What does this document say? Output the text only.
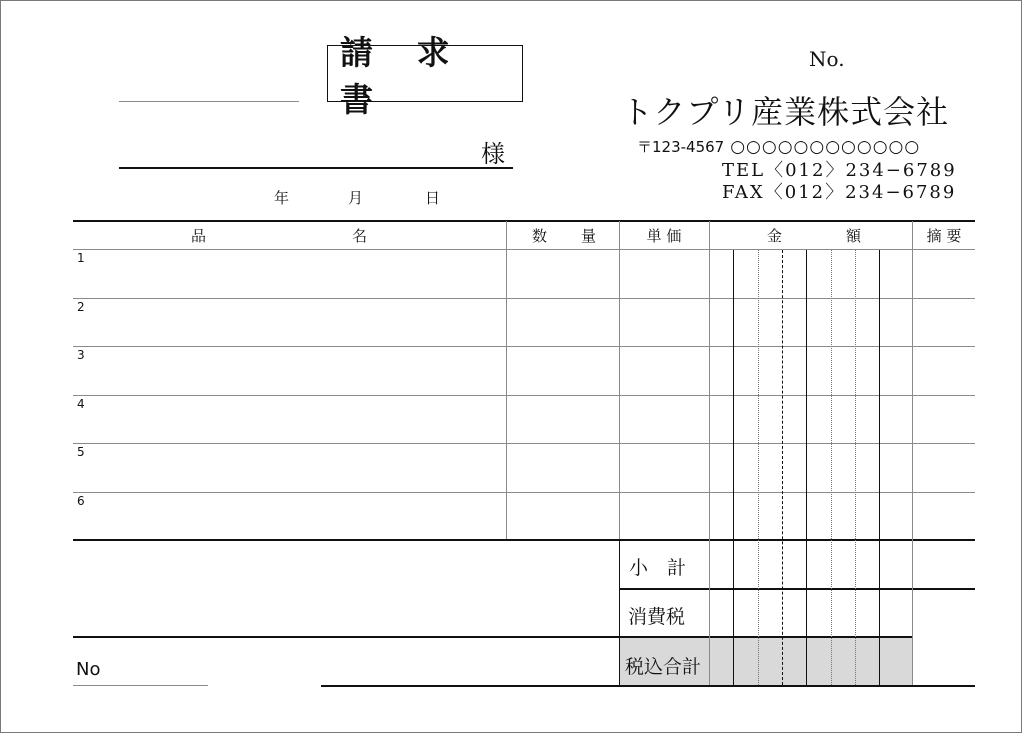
請 求 書
No.
様
年	月	日
トクプリ産業株式会社
〒123-4567 ○○○○○○○○○○○○
TEL〈012〉234−6789
FAX〈012〉234−6789
品	名	数 量	単 価	金	額	摘 要
1
2
3
4
5
6
小　計
消費税
税込合計
No
